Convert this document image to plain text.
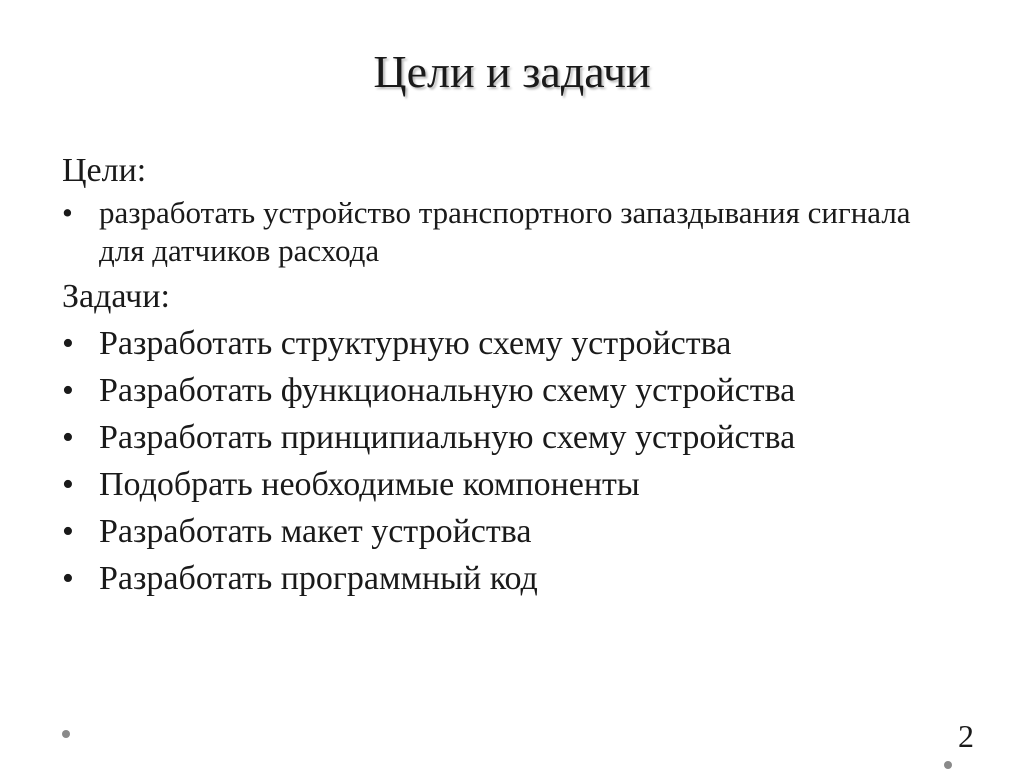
Цели и задачи

Цели:

• разработать устройство транспортного запаздывания сигнала для датчиков расхода

Задачи:

• Разработать структурную схему устройства
• Разработать функциональную схему устройства
• Разработать принципиальную схему устройства
• Подобрать необходимые компоненты
• Разработать макет устройства
• Разработать программный код
2
